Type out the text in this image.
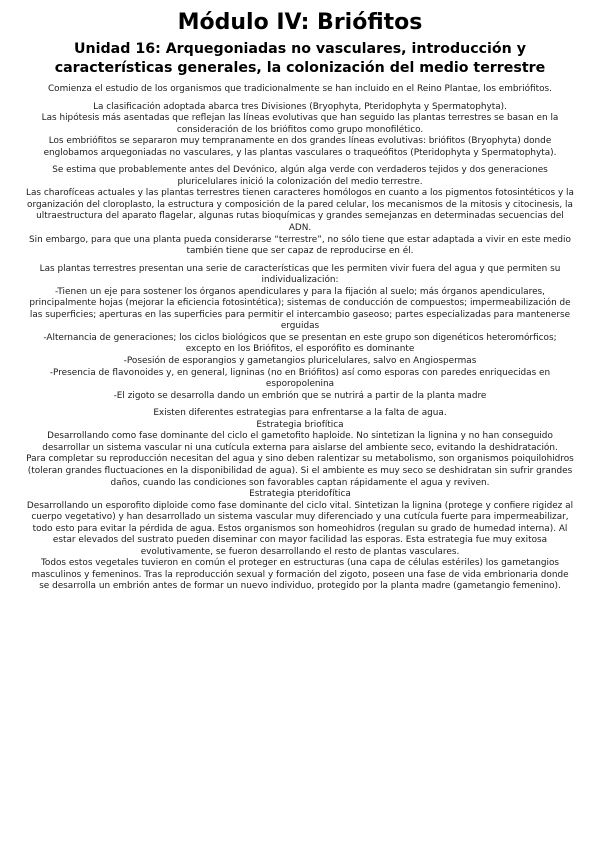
Módulo IV: Briófitos
Unidad 16: Arquegoniadas no vasculares, introducción y características generales, la colonización del medio terrestre

Comienza el estudio de los organismos que tradicionalmente se han incluido en el Reino Plantae, los embriófitos.

La clasificación adoptada abarca tres Divisiones (Bryophyta, Pteridophyta y Spermatophyta).

Las hipótesis más asentadas que reflejan las líneas evolutivas que han seguido las plantas terrestres se basan en la consideración de los briófitos como grupo monofilético.

Los embriófitos se separaron muy tempranamente en dos grandes líneas evolutivas: briófitos (Bryophyta) donde englobamos arquegoniadas no vasculares, y las plantas vasculares o traqueófitos (Pteridophyta y Spermatophyta).

Se estima que probablemente antes del Devónico, algún alga verde con verdaderos tejidos y dos generaciones pluricelulares inició la colonización del medio terrestre.

Las charofíceas actuales y las plantas terrestres tienen caracteres homólogos en cuanto a los pigmentos fotosintéticos y la organización del cloroplasto, la estructura y composición de la pared celular, los mecanismos de la mitosis y citocinesis, la ultraestructura del aparato flagelar, algunas rutas bioquímicas y grandes semejanzas en determinadas secuencias del ADN.

Sin embargo, para que una planta pueda considerarse “terrestre”, no sólo tiene que estar adaptada a vivir en este medio también tiene que ser capaz de reproducirse en él.

Las plantas terrestres presentan una serie de características que les permiten vivir fuera del agua y que permiten su individualización:

-Tienen un eje para sostener los órganos apendiculares y para la fijación al suelo; más órganos apendiculares, principalmente hojas (mejorar la eficiencia fotosintética); sistemas de conducción de compuestos; impermeabilización de las superficies; aperturas en las superficies para permitir el intercambio gaseoso; partes especializadas para mantenerse erguidas

-Alternancia de generaciones; los ciclos biológicos que se presentan en este grupo son digenéticos heteromórficos; excepto en los Briófitos, el esporófito es dominante

-Posesión de esporangios y gametangios pluricelulares, salvo en Angiospermas

-Presencia de flavonoides y, en general, ligninas (no en Briófitos) así como esporas con paredes enriquecidas en esporopolenina

-El zigoto se desarrolla dando un embrión que se nutrirá a partir de la planta madre

Existen diferentes estrategias para enfrentarse a la falta de agua.

Estrategia briofítica

Desarrollando como fase dominante del ciclo el gametofito haploide. No sintetizan la lignina y no han conseguido desarrollar un sistema vascular ni una cutícula externa para aislarse del ambiente seco, evitando la deshidratación.

Para completar su reproducción necesitan del agua y sino deben ralentizar su metabolismo, son organismos poiquilohidros (toleran grandes fluctuaciones en la disponibilidad de agua). Si el ambiente es muy seco se deshidratan sin sufrir grandes daños, cuando las condiciones son favorables captan rápidamente el agua y reviven.

Estrategia pteridofítica

Desarrollando un esporofito diploide como fase dominante del ciclo vital. Sintetizan la lignina (protege y confiere rigidez al cuerpo vegetativo) y han desarrollado un sistema vascular muy diferenciado y una cutícula fuerte para impermeabilizar, todo esto para evitar la pérdida de agua. Estos organismos son homeohidros (regulan su grado de humedad interna). Al estar elevados del sustrato pueden diseminar con mayor facilidad las esporas. Esta estrategia fue muy exitosa evolutivamente, se fueron desarrollando el resto de plantas vasculares.

Todos estos vegetales tuvieron en común el proteger en estructuras (una capa de células estériles) los gametangios masculinos y femeninos. Tras la reproducción sexual y formación del zigoto, poseen una fase de vida embrionaria donde se desarrolla un embrión antes de formar un nuevo individuo, protegido por la planta madre (gametangio femenino).
